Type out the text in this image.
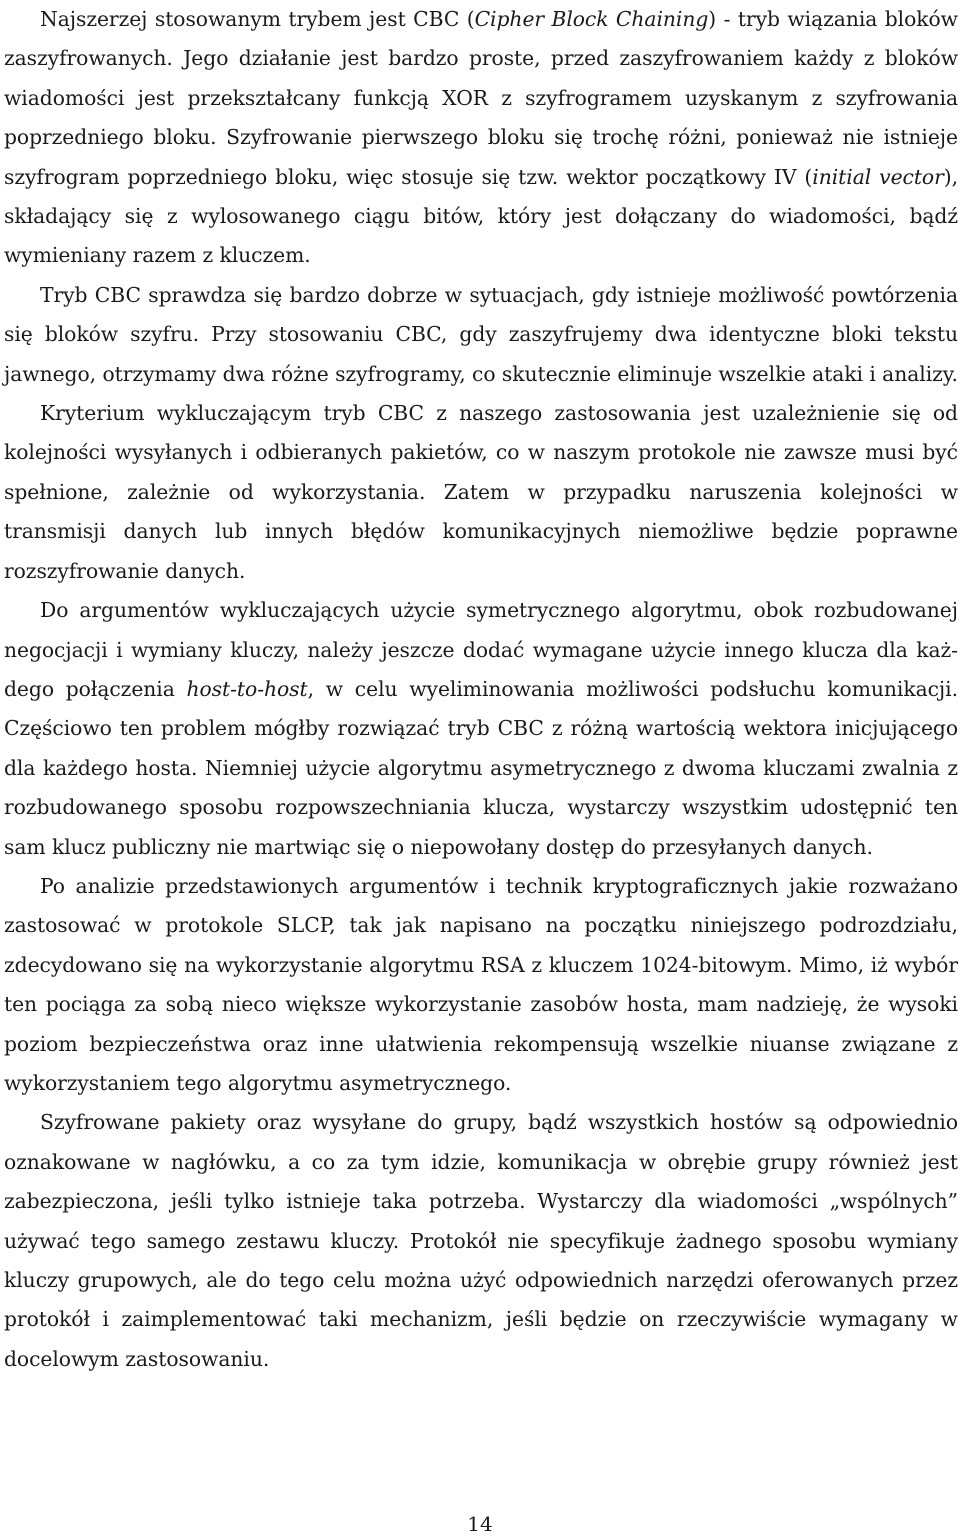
Najszerzej stosowanym trybem jest CBC (Cipher Block Chaining) - tryb wiązania bloków zaszyfrowanych. Jego działanie jest bardzo proste, przed zaszyfrowaniem każdy z bloków wiadomości jest przekształcany funkcją XOR z szyfrogramem uzyskanym z szyfrowania poprzedniego bloku. Szyfrowanie pierwszego bloku się trochę różni, ponieważ nie istnieje szyfrogram poprzedniego bloku, więc stosuje się tzw. wektor początkowy IV (initial vector), składający się z wylosowanego ciągu bitów, który jest dołączany do wiadomości, bądź wymieniany razem z kluczem.

Tryb CBC sprawdza się bardzo dobrze w sytuacjach, gdy istnieje możliwość powtórzenia się bloków szyfru. Przy stosowaniu CBC, gdy zaszyfrujemy dwa identyczne bloki tekstu jawnego, otrzymamy dwa różne szyfrogramy, co skutecznie eliminuje wszelkie ataki i analizy.

Kryterium wykluczającym tryb CBC z naszego zastosowania jest uzależnienie się od kolejności wysyłanych i odbieranych pakietów, co w naszym protokole nie zawsze musi być spełnione, zależnie od wykorzystania. Zatem w przypadku naruszenia kolejności w transmisji danych lub innych błędów komunikacyjnych niemożliwe będzie poprawne rozszyfrowanie danych.

Do argumentów wykluczających użycie symetrycznego algorytmu, obok rozbudowanej negocjacji i wymiany kluczy, należy jeszcze dodać wymagane użycie innego klucza dla każdego połączenia host-to-host, w celu wyeliminowania możliwości podsłuchu komunikacji. Częściowo ten problem mógłby rozwiązać tryb CBC z różną wartością wektora inicjującego dla każdego hosta. Niemniej użycie algorytmu asymetrycznego z dwoma kluczami zwalnia z rozbudowanego sposobu rozpowszechniania klucza, wystarczy wszystkim udostępnić ten sam klucz publiczny nie martwiąc się o niepowołany dostęp do przesyłanych danych.

Po analizie przedstawionych argumentów i technik kryptograficznych jakie rozważano zastosować w protokole SLCP, tak jak napisano na początku niniejszego podrozdziału, zdecydowano się na wykorzystanie algorytmu RSA z kluczem 1024-bitowym. Mimo, iż wybór ten pociąga za sobą nieco większe wykorzystanie zasobów hosta, mam nadzieję, że wysoki poziom bezpieczeństwa oraz inne ułatwienia rekompensują wszelkie niuanse związane z wykorzystaniem tego algorytmu asymetrycznego.

Szyfrowane pakiety oraz wysyłane do grupy, bądź wszystkich hostów są odpowiednio oznakowane w nagłówku, a co za tym idzie, komunikacja w obrębie grupy również jest zabezpieczona, jeśli tylko istnieje taka potrzeba. Wystarczy dla wiadomości „wspólnych” używać tego samego zestawu kluczy. Protokół nie specyfikuje żadnego sposobu wymiany kluczy grupowych, ale do tego celu można użyć odpowiednich narzędzi oferowanych przez protokół i zaimplementować taki mechanizm, jeśli będzie on rzeczywiście wymagany w docelowym zastosowaniu.

14
